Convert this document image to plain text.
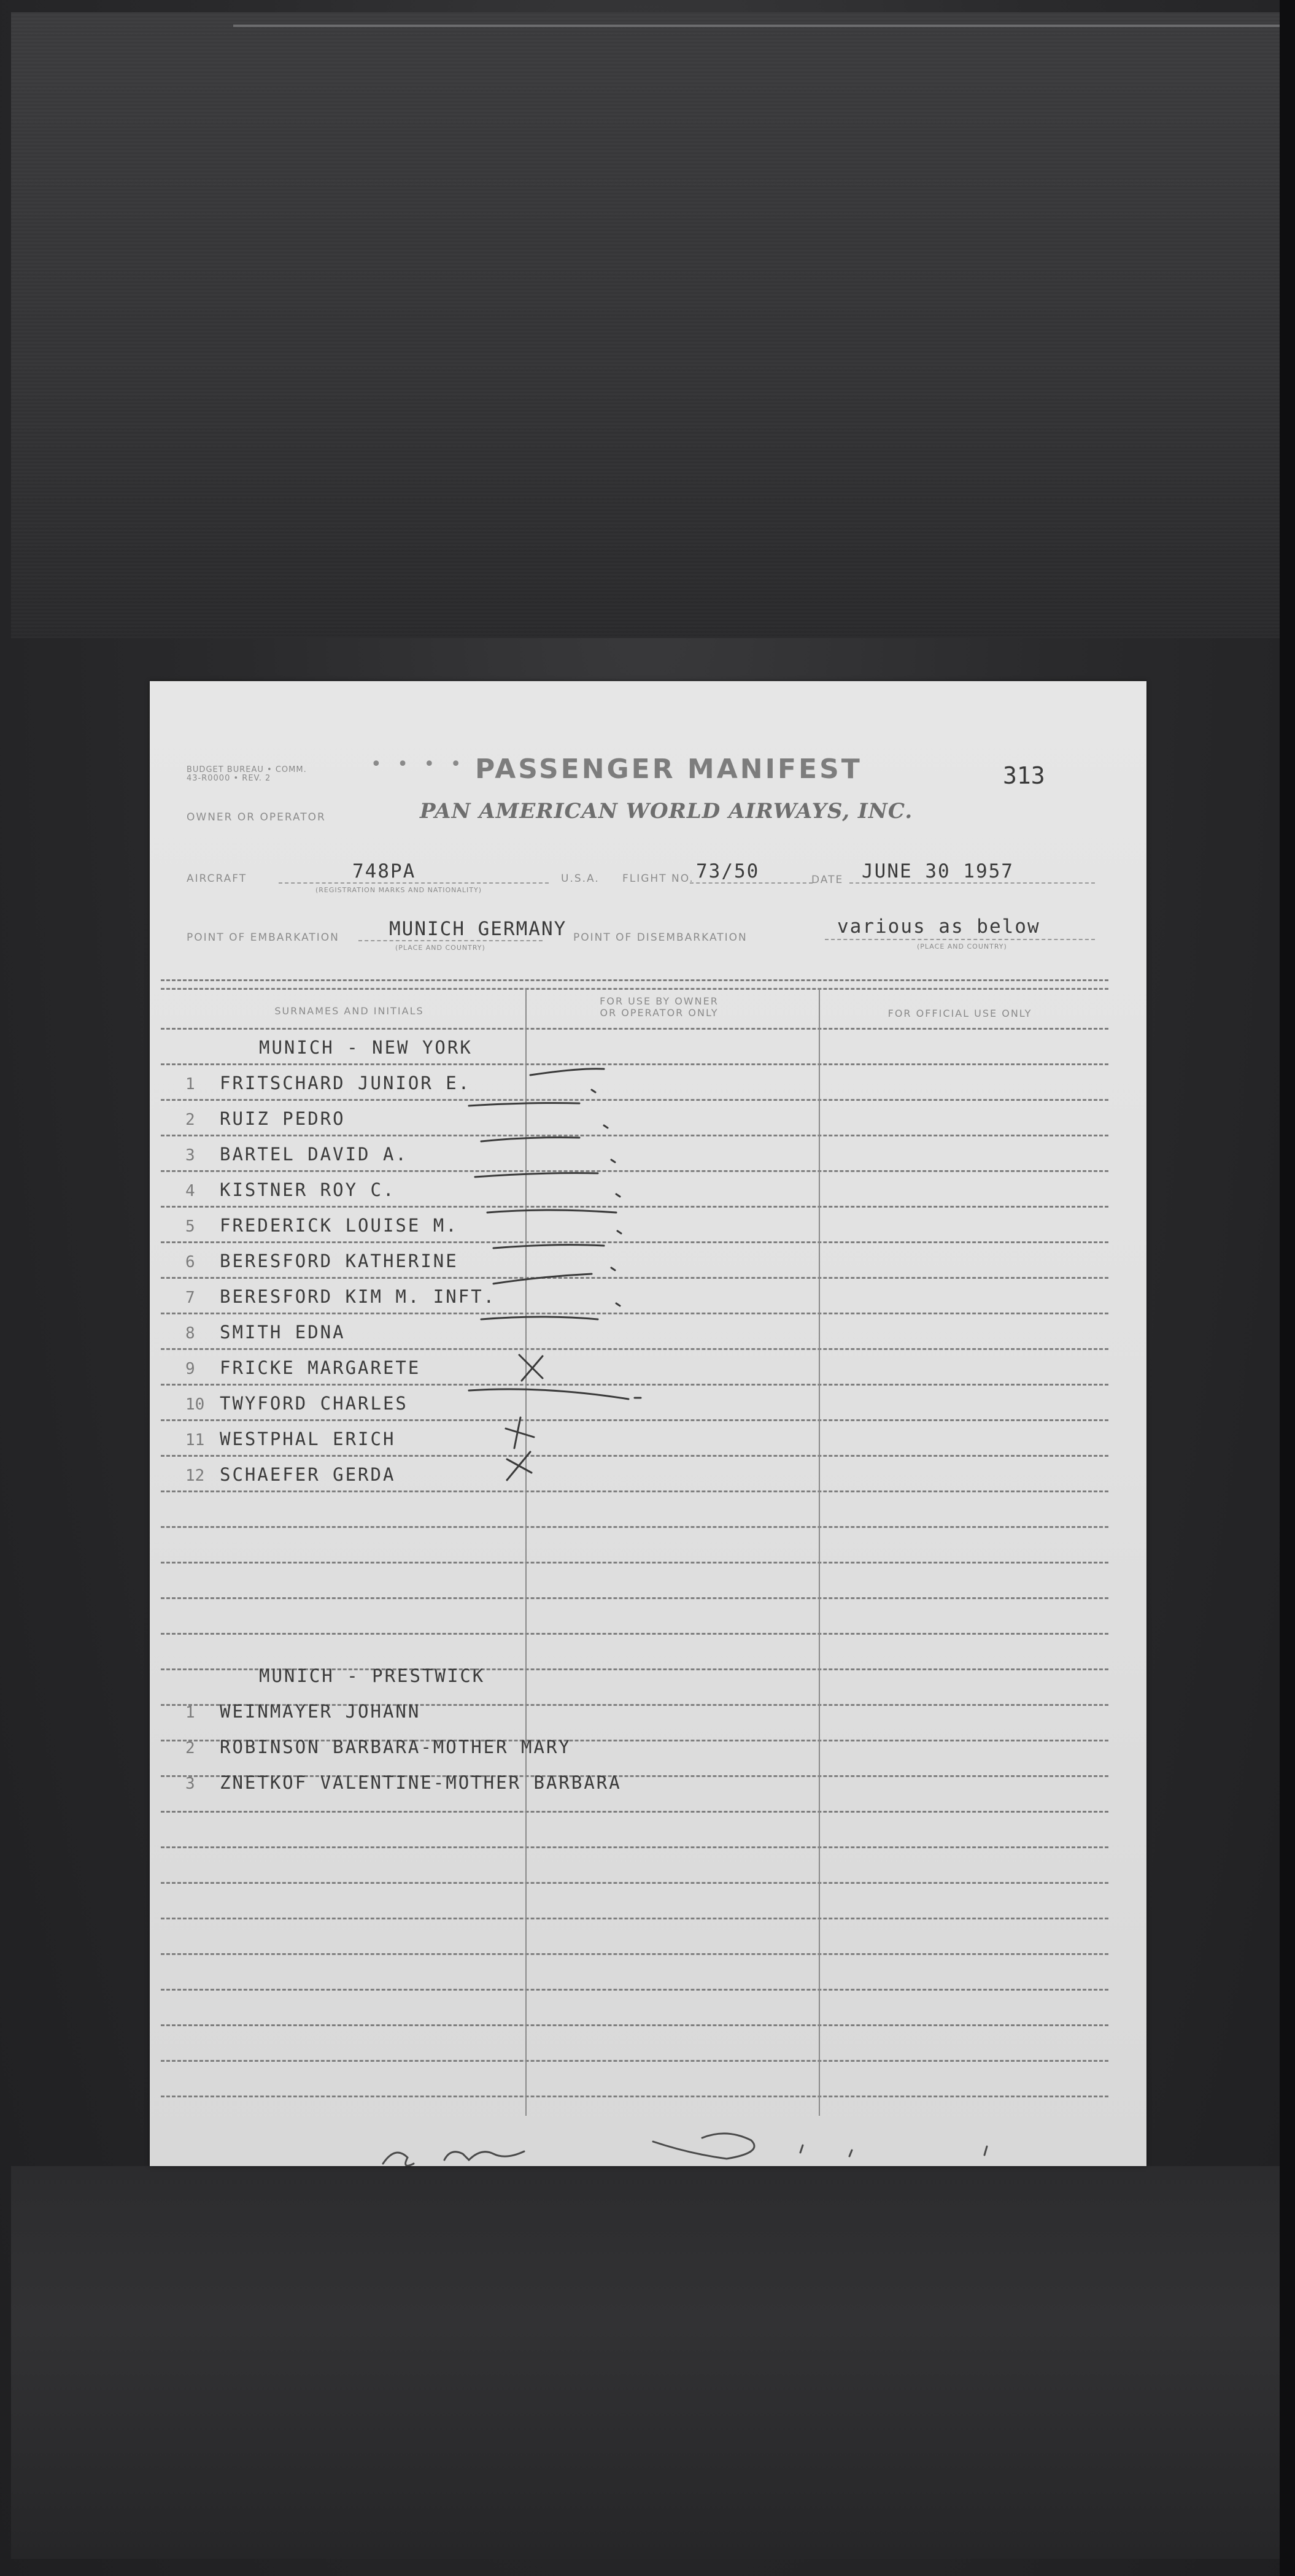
BUDGET BUREAU • COMM. 43-R0000 • REV. 2
OWNER OR OPERATOR
• • • • PASSENGER MANIFEST	313
PAN AMERICAN WORLD AIRWAYS, INC.
AIRCRAFT	748PA
(REGISTRATION MARKS AND NATIONALITY)
U.S.A. FLIGHT NO. 73/50	DATE JUNE 30 1957
POINT OF EMBARKATION	MUNICH GERMANY
(PLACE AND COUNTRY)
POINT OF DISEMBARKATION	various as below
(PLACE AND COUNTRY)
SURNAMES AND INITIALS
FOR USE BY OWNER
OR OPERATOR ONLY	FOR OFFICIAL USE ONLY
MUNICH - NEW YORK
1 FRITSCHARD JUNIOR E.
2 RUIZ PEDRO
3 BARTEL DAVID A.
4 KISTNER ROY C.
5 FREDERICK LOUISE M.
6 BERESFORD KATHERINE
7 BERESFORD KIM M. INFT.
8 SMITH EDNA
9 FRICKE MARGARETE
10 TWYFORD CHARLES
11 WESTPHAL ERICH
12 SCHAEFER GERDA
MUNICH - PRESTWICK
1 WEINMAYER JOHANN
2 ROBINSON BARBARA-MOTHER MARY
3 ZNETKOF VALENTINE-MOTHER BARBARA
